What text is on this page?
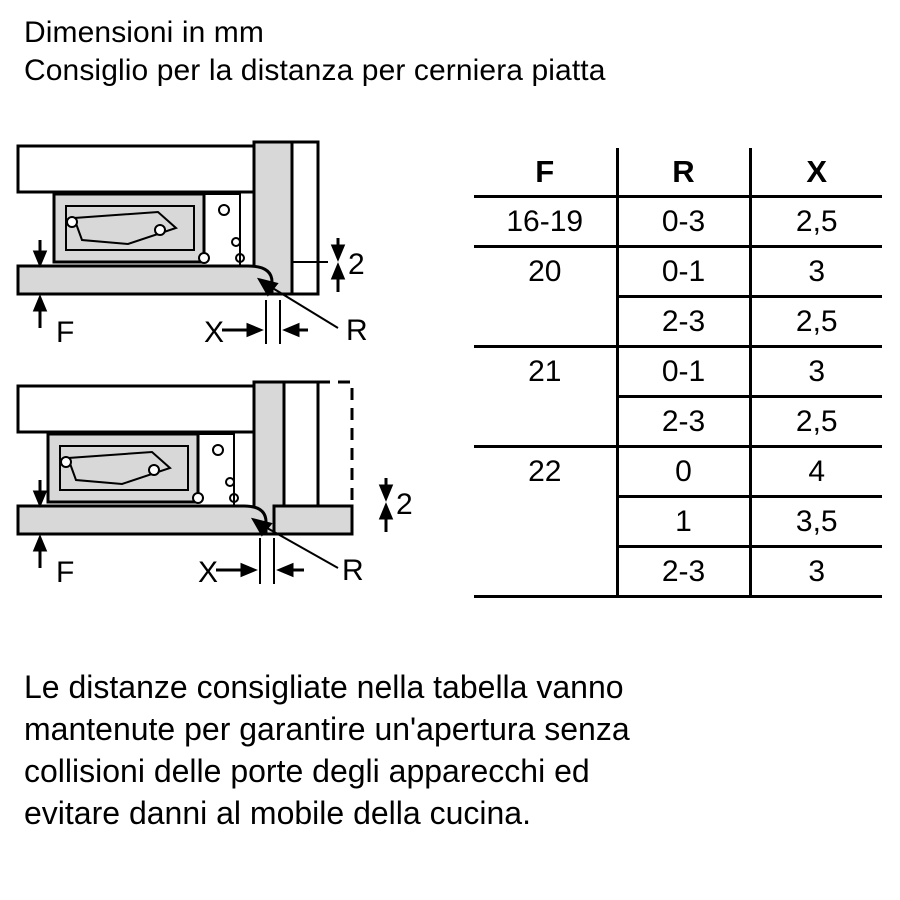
Dimensioni in mm
Consiglio per la distanza per cerniera piatta
F	X	R
2
F	X	R
2
F	R	X
16-19	0-3	2,5
20	0-1	3
	2-3	2,5
21	0-1	3
	2-3	2,5
22	0	4
	1	3,5
	2-3	3
Le distanze consigliate nella tabella vanno
mantenute per garantire un'apertura senza
collisioni delle porte degli apparecchi ed
evitare danni al mobile della cucina.
